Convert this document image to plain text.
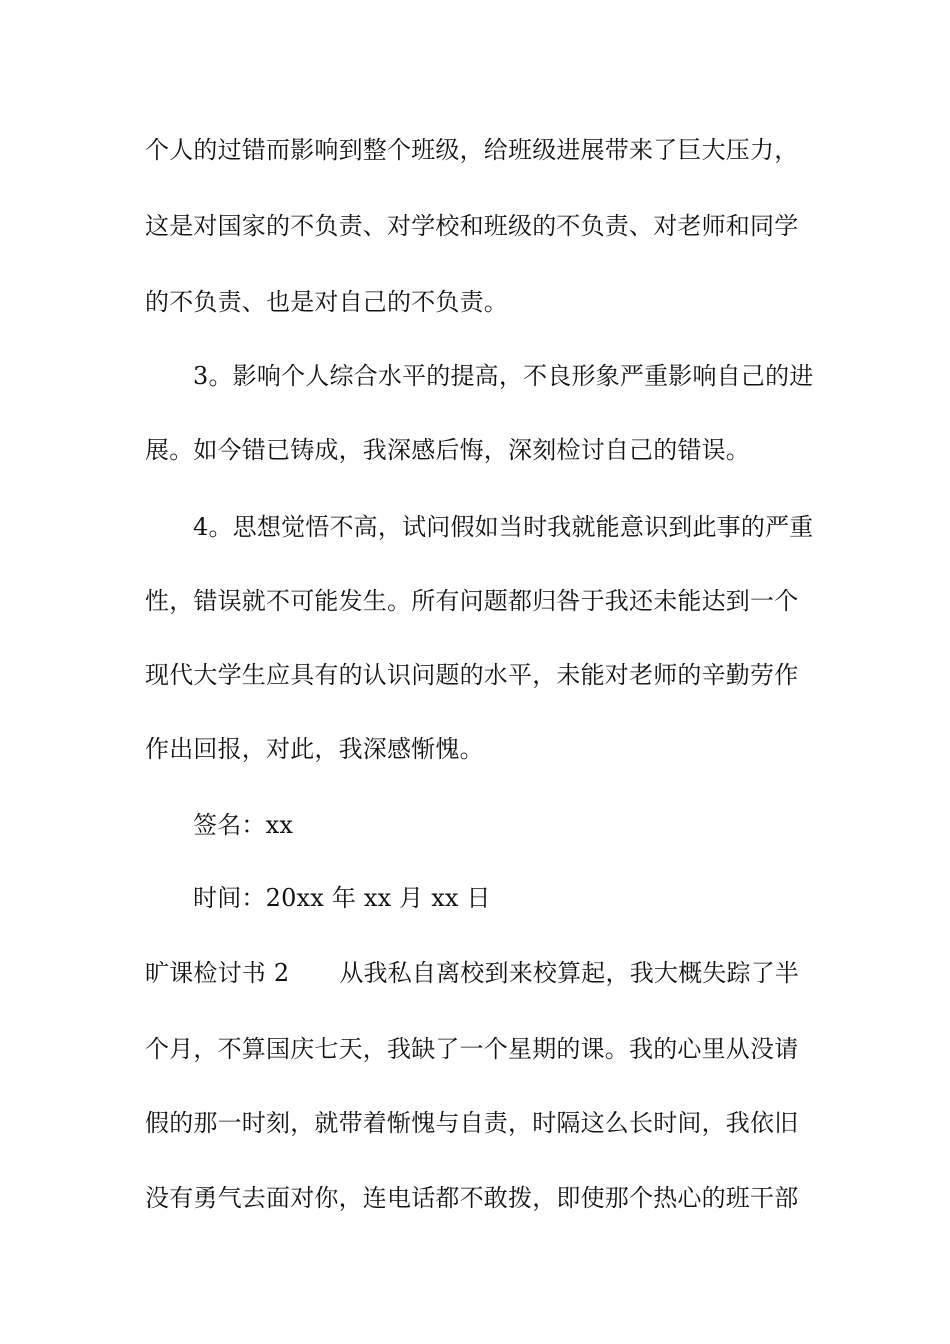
个人的过错而影响到整个班级，给班级进展带来了巨大压力，
这是对国家的不负责、对学校和班级的不负责、对老师和同学
的不负责、也是对自己的不负责。
3。影响个人综合水平的提高，不良形象严重影响自己的进
展。如今错已铸成，我深感后悔，深刻检讨自己的错误。
4。思想觉悟不高，试问假如当时我就能意识到此事的严重
性，错误就不可能发生。所有问题都归咎于我还未能达到一个
现代大学生应具有的认识问题的水平，未能对老师的辛勤劳作
作出回报，对此，我深感惭愧。
签名：xx
时间：20xx 年 xx 月 xx 日
旷课检讨书 2 从我私自离校到来校算起，我大概失踪了半
个月，不算国庆七天，我缺了一个星期的课。我的心里从没请
假的那一时刻，就带着惭愧与自责，时隔这么长时间，我依旧
没有勇气去面对你，连电话都不敢拨，即使那个热心的班干部
